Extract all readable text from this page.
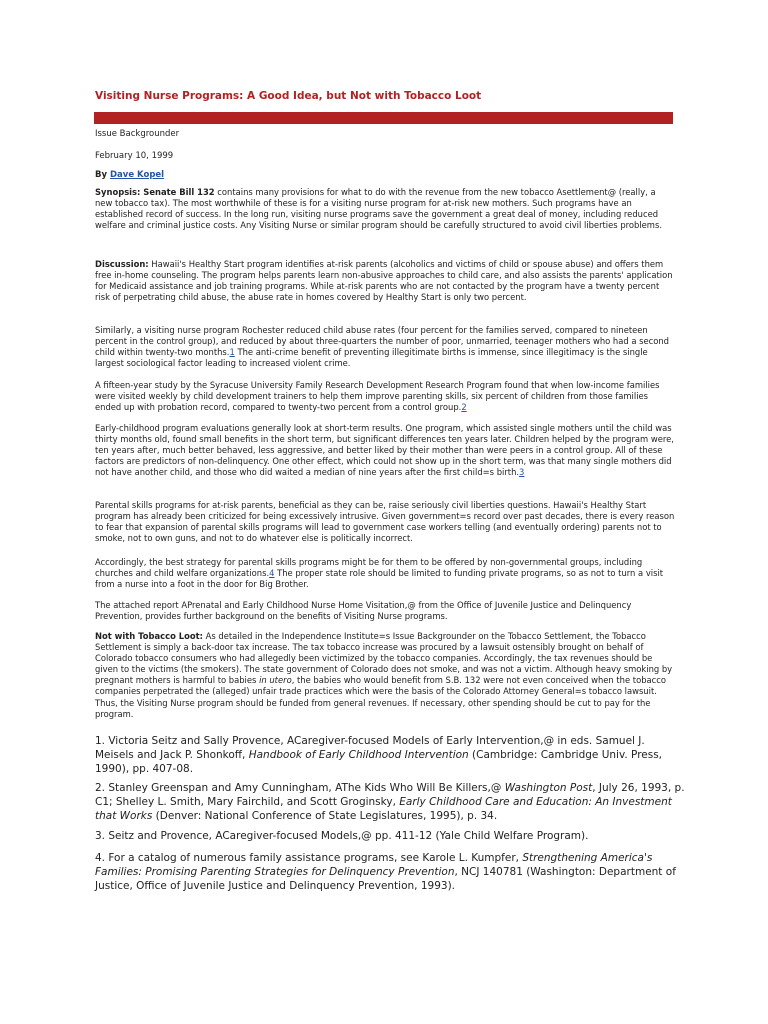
Visiting Nurse Programs: A Good Idea, but Not with Tobacco Loot
Issue Backgrounder
February 10, 1999
By Dave Kopel

Synopsis: Senate Bill 132 contains many provisions for what to do with the revenue from the new tobacco Asettlement@ (really, a new tobacco tax). The most worthwhile of these is for a visiting nurse program for at-risk new mothers. Such programs have an established record of success. In the long run, visiting nurse programs save the government a great deal of money, including reduced welfare and criminal justice costs. Any Visiting Nurse or similar program should be carefully structured to avoid civil liberties problems.

Discussion: Hawaii's Healthy Start program identifies at-risk parents (alcoholics and victims of child or spouse abuse) and offers them free in-home counseling. The program helps parents learn non-abusive approaches to child care, and also assists the parents' application for Medicaid assistance and job training programs. While at-risk parents who are not contacted by the program have a twenty percent risk of perpetrating child abuse, the abuse rate in homes covered by Healthy Start is only two percent.

Similarly, a visiting nurse program Rochester reduced child abuse rates (four percent for the families served, compared to nineteen percent in the control group), and reduced by about three-quarters the number of poor, unmarried, teenager mothers who had a second child within twenty-two months.1 The anti-crime benefit of preventing illegitimate births is immense, since illegitimacy is the single largest sociological factor leading to increased violent crime.

A fifteen-year study by the Syracuse University Family Research Development Research Program found that when low-income families were visited weekly by child development trainers to help them improve parenting skills, six percent of children from those families ended up with probation record, compared to twenty-two percent from a control group.2

Early-childhood program evaluations generally look at short-term results. One program, which assisted single mothers until the child was thirty months old, found small benefits in the short term, but significant differences ten years later. Children helped by the program were, ten years after, much better behaved, less aggressive, and better liked by their mother than were peers in a control group. All of these factors are predictors of non-delinquency. One other effect, which could not show up in the short term, was that many single mothers did not have another child, and those who did waited a median of nine years after the first child=s birth.3

Parental skills programs for at-risk parents, beneficial as they can be, raise seriously civil liberties questions. Hawaii's Healthy Start program has already been criticized for being excessively intrusive. Given government=s record over past decades, there is every reason to fear that expansion of parental skills programs will lead to government case workers telling (and eventually ordering) parents not to smoke, not to own guns, and not to do whatever else is politically incorrect.

Accordingly, the best strategy for parental skills programs might be for them to be offered by non-governmental groups, including churches and child welfare organizations.4 The proper state role should be limited to funding private programs, so as not to turn a visit from a nurse into a foot in the door for Big Brother.

The attached report APrenatal and Early Childhood Nurse Home Visitation,@ from the Office of Juvenile Justice and Delinquency Prevention, provides further background on the benefits of Visiting Nurse programs.

Not with Tobacco Loot: As detailed in the Independence Institute=s Issue Backgrounder on the Tobacco Settlement, the Tobacco Settlement is simply a back-door tax increase. The tax tobacco increase was procured by a lawsuit ostensibly brought on behalf of Colorado tobacco consumers who had allegedly been victimized by the tobacco companies. Accordingly, the tax revenues should be given to the victims (the smokers). The state government of Colorado does not smoke, and was not a victim. Although heavy smoking by pregnant mothers is harmful to babies in utero, the babies who would benefit from S.B. 132 were not even conceived when the tobacco companies perpetrated the (alleged) unfair trade practices which were the basis of the Colorado Attorney General=s tobacco lawsuit. Thus, the Visiting Nurse program should be funded from general revenues. If necessary, other spending should be cut to pay for the program.

1. Victoria Seitz and Sally Provence, ACaregiver-focused Models of Early Intervention,@ in eds. Samuel J. Meisels and Jack P. Shonkoff, Handbook of Early Childhood Intervention (Cambridge: Cambridge Univ. Press, 1990), pp. 407-08.

2. Stanley Greenspan and Amy Cunningham, AThe Kids Who Will Be Killers,@ Washington Post, July 26, 1993, p. C1; Shelley L. Smith, Mary Fairchild, and Scott Groginsky, Early Childhood Care and Education: An Investment that Works (Denver: National Conference of State Legislatures, 1995), p. 34.

3. Seitz and Provence, ACaregiver-focused Models,@ pp. 411-12 (Yale Child Welfare Program).

4. For a catalog of numerous family assistance programs, see Karole L. Kumpfer, Strengthening America's Families: Promising Parenting Strategies for Delinquency Prevention, NCJ 140781 (Washington: Department of Justice, Office of Juvenile Justice and Delinquency Prevention, 1993).
